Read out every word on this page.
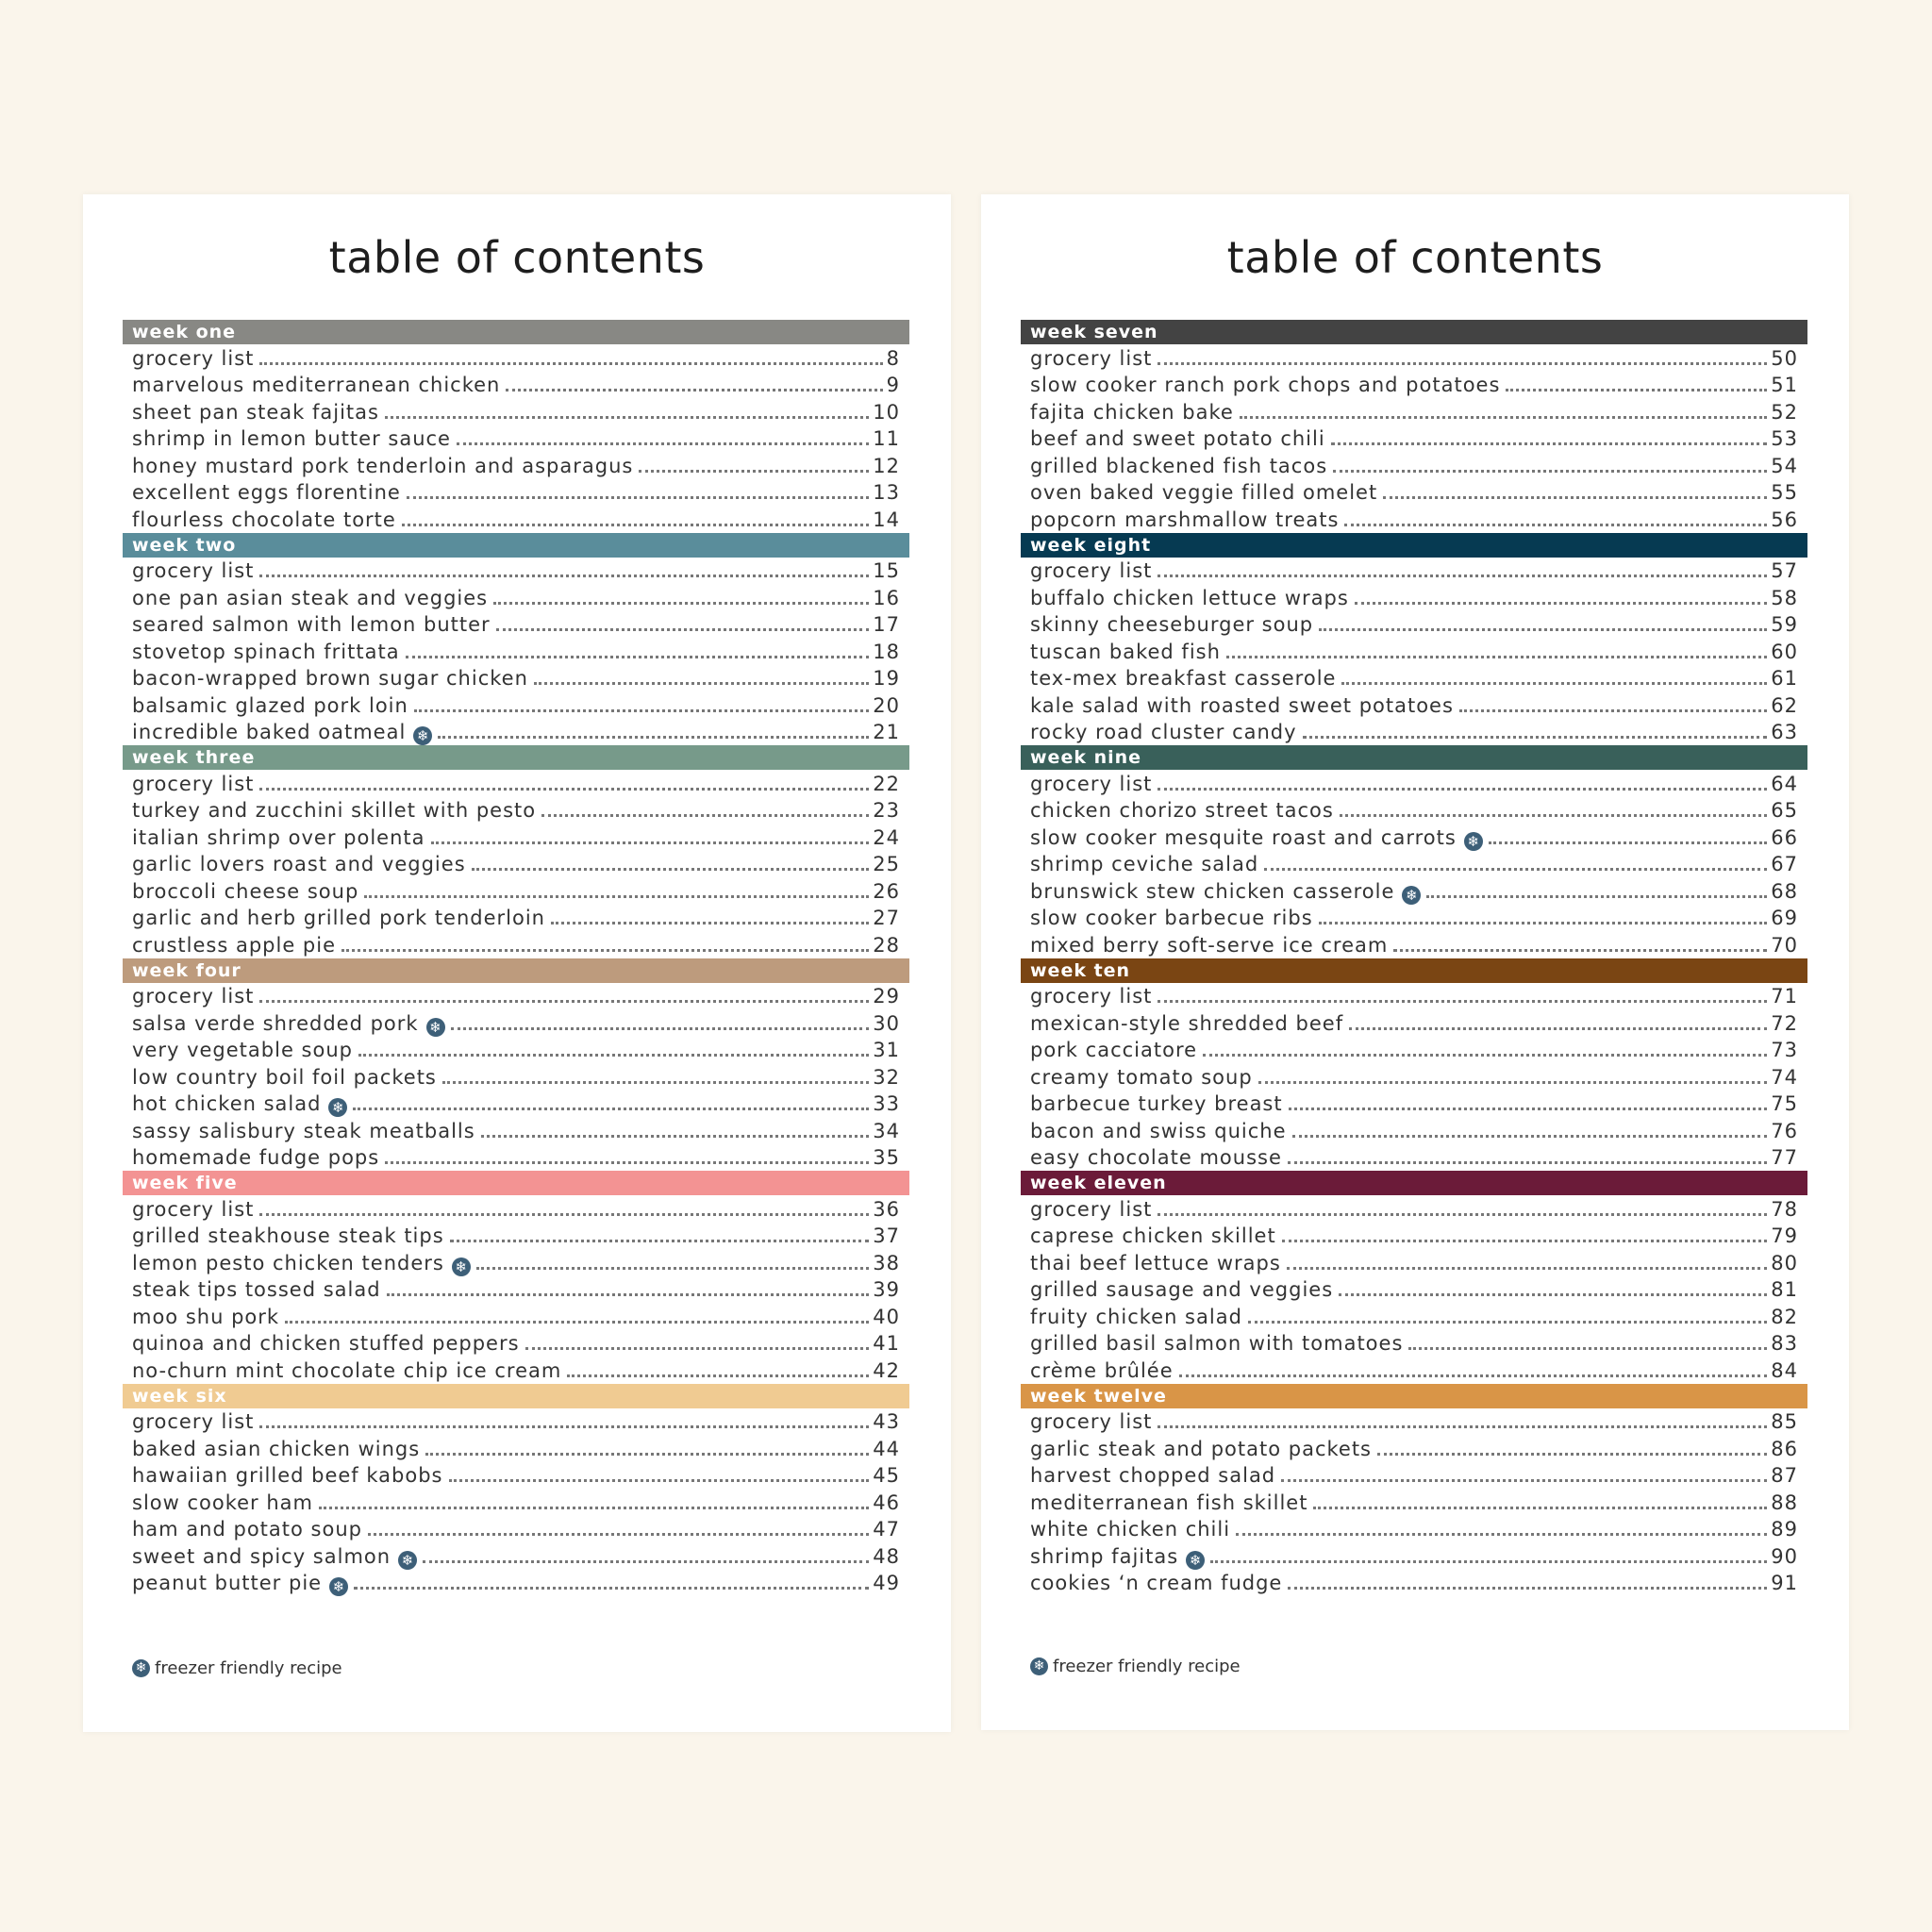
table of contents
week one
grocery list	8
marvelous mediterranean chicken	9
sheet pan steak fajitas	10
shrimp in lemon butter sauce	11
honey mustard pork tenderloin and asparagus	12
excellent eggs florentine	13
flourless chocolate torte	14
week two
grocery list	15
one pan asian steak and veggies	16
seared salmon with lemon butter	17
stovetop spinach frittata	18
bacon-wrapped brown sugar chicken	19
balsamic glazed pork loin	20
incredible baked oatmeal ❄	21
week three
grocery list	22
turkey and zucchini skillet with pesto	23
italian shrimp over polenta	24
garlic lovers roast and veggies	25
broccoli cheese soup	26
garlic and herb grilled pork tenderloin	27
crustless apple pie	28
week four
grocery list	29
salsa verde shredded pork ❄	30
very vegetable soup	31
low country boil foil packets	32
hot chicken salad ❄	33
sassy salisbury steak meatballs	34
homemade fudge pops	35
week five
grocery list	36
grilled steakhouse steak tips	37
lemon pesto chicken tenders ❄	38
steak tips tossed salad	39
moo shu pork	40
quinoa and chicken stuffed peppers	41
no-churn mint chocolate chip ice cream	42
week six
grocery list	43
baked asian chicken wings	44
hawaiian grilled beef kabobs	45
slow cooker ham	46
ham and potato soup	47
sweet and spicy salmon ❄	48
peanut butter pie ❄	49
❄ freezer friendly recipe
table of contents
week seven
grocery list	50
slow cooker ranch pork chops and potatoes	51
fajita chicken bake	52
beef and sweet potato chili	53
grilled blackened fish tacos	54
oven baked veggie filled omelet	55
popcorn marshmallow treats	56
week eight
grocery list	57
buffalo chicken lettuce wraps	58
skinny cheeseburger soup	59
tuscan baked fish	60
tex-mex breakfast casserole	61
kale salad with roasted sweet potatoes	62
rocky road cluster candy	63
week nine
grocery list	64
chicken chorizo street tacos	65
slow cooker mesquite roast and carrots ❄	66
shrimp ceviche salad	67
brunswick stew chicken casserole ❄	68
slow cooker barbecue ribs	69
mixed berry soft-serve ice cream	70
week ten
grocery list	71
mexican-style shredded beef	72
pork cacciatore	73
creamy tomato soup	74
barbecue turkey breast	75
bacon and swiss quiche	76
easy chocolate mousse	77
week eleven
grocery list	78
caprese chicken skillet	79
thai beef lettuce wraps	80
grilled sausage and veggies	81
fruity chicken salad	82
grilled basil salmon with tomatoes	83
crème brûlée	84
week twelve
grocery list	85
garlic steak and potato packets	86
harvest chopped salad	87
mediterranean fish skillet	88
white chicken chili	89
shrimp fajitas ❄	90
cookies ‘n cream fudge	91
❄ freezer friendly recipe
